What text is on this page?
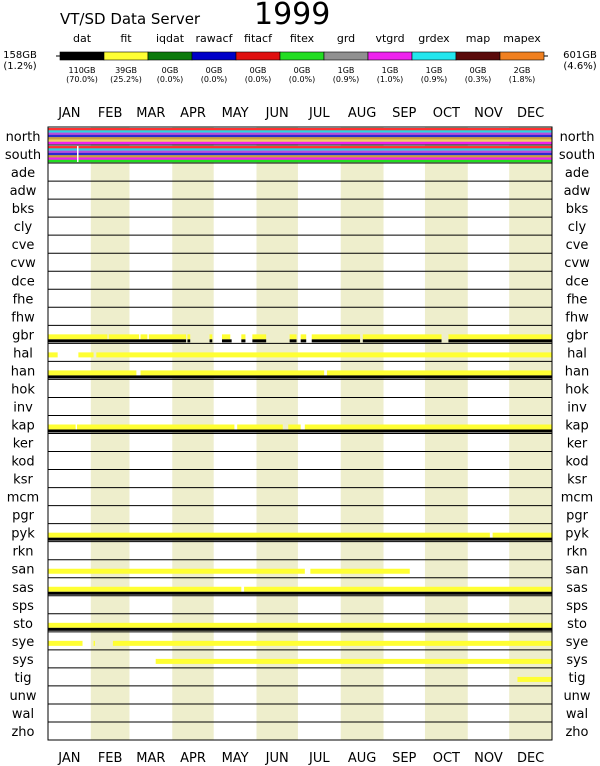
VT/SD Data Server 1999
158GB
(1.2%)
601GB
(4.6%)
dat
110GB
(70.0%)
fit
39GB
(25.2%)
iqdat
0GB
(0.0%)
rawacf
0GB
(0.0%)
fitacf
0GB
(0.0%)
fitex
0GB
(0.0%)
grd
1GB
(0.9%)
vtgrd
1GB
(1.0%)
grdex
1GB
(0.9%)
map
0GB
(0.3%)
mapex
2GB
(1.8%)
JAN FEB MAR APR MAY JUN JUL AUG SEP OCT NOV DEC
JAN FEB MAR APR MAY JUN JUL AUG SEP OCT NOV DEC
north	north
south	south
ade	ade
adw	adw
bks	bks
cly	cly
cve	cve
cvw	cvw
dce	dce
fhe	fhe
fhw	fhw
gbr	gbr
hal	hal
han	han
hok	hok
inv	inv
kap	kap
ker	ker
kod	kod
ksr	ksr
mcm	mcm
pgr	pgr
pyk	pyk
rkn	rkn
san	san
sas	sas
sps	sps
sto	sto
sye	sye
sys	sys
tig	tig
unw	unw
wal	wal
zho	zho
